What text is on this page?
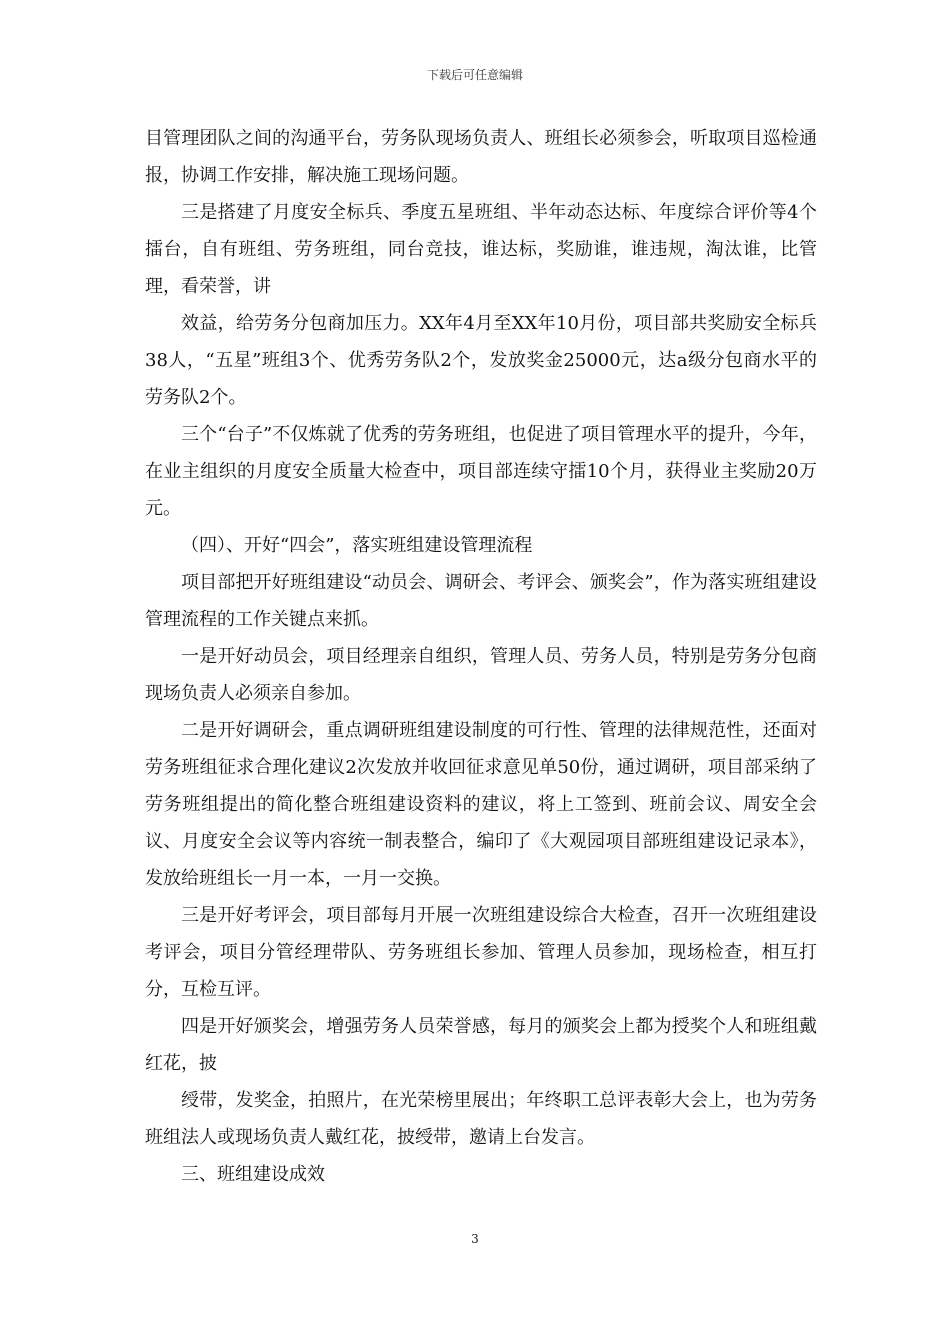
下载后可任意编辑

目管理团队之间的沟通平台，劳务队现场负责人、班组长必须参会，听取项目巡检通报，协调工作安排，解决施工现场问题。

三是搭建了月度安全标兵、季度五星班组、半年动态达标、年度综合评价等4个擂台，自有班组、劳务班组，同台竞技，谁达标，奖励谁，谁违规，淘汰谁，比管理，看荣誉，讲

效益，给劳务分包商加压力。XX年4月至XX年10月份，项目部共奖励安全标兵38人，“五星”班组3个、优秀劳务队2个，发放奖金25000元，达a级分包商水平的劳务队2个。

三个“台子”不仅炼就了优秀的劳务班组，也促进了项目管理水平的提升，今年，在业主组织的月度安全质量大检查中，项目部连续守擂10个月，获得业主奖励20万元。

（四）、开好“四会”，落实班组建设管理流程

项目部把开好班组建设“动员会、调研会、考评会、颁奖会”，作为落实班组建设管理流程的工作关键点来抓。

一是开好动员会，项目经理亲自组织，管理人员、劳务人员，特别是劳务分包商现场负责人必须亲自参加。

二是开好调研会，重点调研班组建设制度的可行性、管理的法律规范性，还面对劳务班组征求合理化建议2次发放并收回征求意见单50份，通过调研，项目部采纳了劳务班组提出的简化整合班组建设资料的建议，将上工签到、班前会议、周安全会议、月度安全会议等内容统一制表整合，编印了《大观园项目部班组建设记录本》，发放给班组长一月一本，一月一交换。

三是开好考评会，项目部每月开展一次班组建设综合大检查，召开一次班组建设考评会，项目分管经理带队、劳务班组长参加、管理人员参加，现场检查，相互打分，互检互评。

四是开好颁奖会，增强劳务人员荣誉感，每月的颁奖会上都为授奖个人和班组戴红花，披

绶带，发奖金，拍照片，在光荣榜里展出；年终职工总评表彰大会上，也为劳务班组法人或现场负责人戴红花，披绶带，邀请上台发言。

三、班组建设成效

3
